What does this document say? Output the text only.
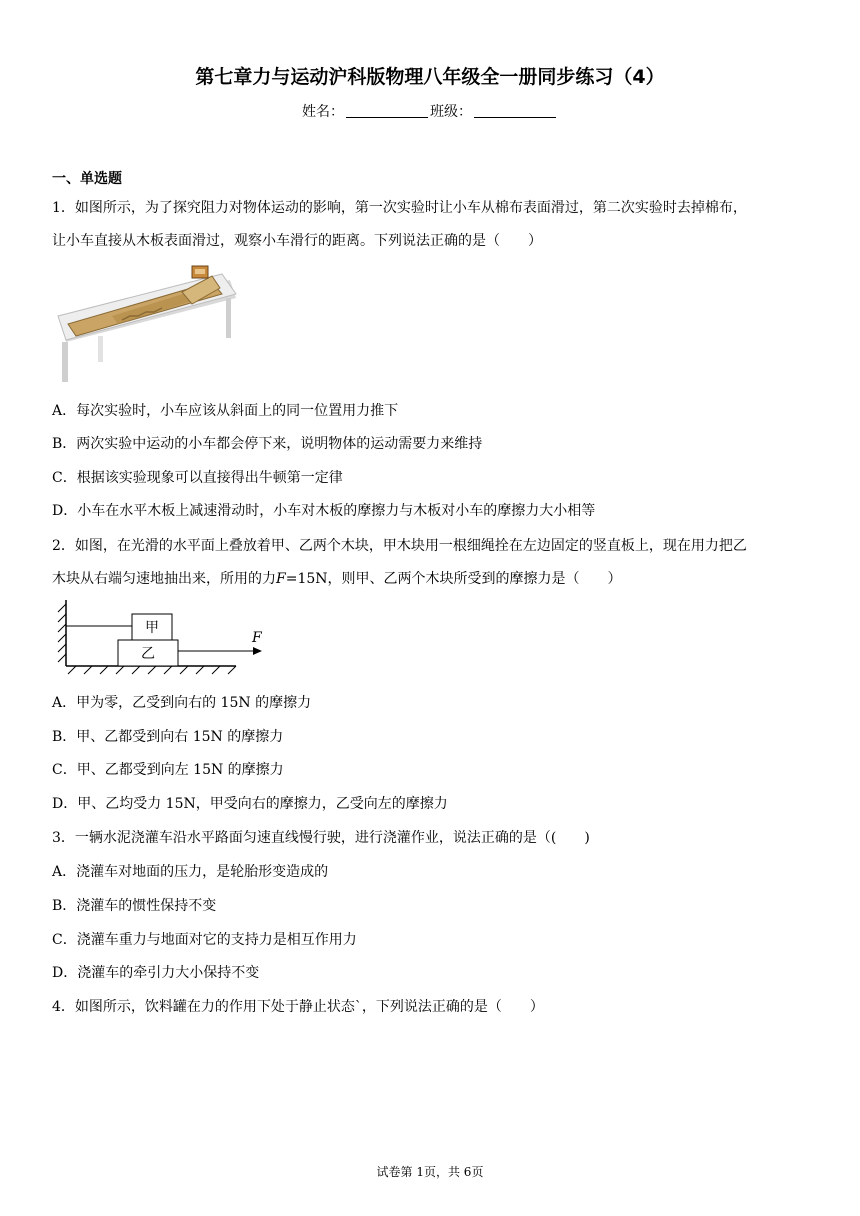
第七章力与运动沪科版物理八年级全一册同步练习（4）
姓名：	班级：
一、单选题
1．如图所示，为了探究阻力对物体运动的影响，第一次实验时让小车从棉布表面滑过，第二次实验时去掉棉布，
让小车直接从木板表面滑过，观察小车滑行的距离。下列说法正确的是（　　）
A．每次实验时，小车应该从斜面上的同一位置用力推下
B．两次实验中运动的小车都会停下来，说明物体的运动需要力来维持
C．根据该实验现象可以直接得出牛顿第一定律
D．小车在水平木板上减速滑动时，小车对木板的摩擦力与木板对小车的摩擦力大小相等
2．如图，在光滑的水平面上叠放着甲、乙两个木块，甲木块用一根细绳拴在左边固定的竖直板上，现在用力把乙
木块从右端匀速地抽出来，所用的力F=15N，则甲、乙两个木块所受到的摩擦力是（　　）
甲
乙
F
A．甲为零，乙受到向右的 15N 的摩擦力
B．甲、乙都受到向右 15N 的摩擦力
C．甲、乙都受到向左 15N 的摩擦力
D．甲、乙均受力 15N，甲受向右的摩擦力，乙受向左的摩擦力
3．一辆水泥浇灌车沿水平路面匀速直线慢行驶，进行浇灌作业，说法正确的是（(　　)
A．浇灌车对地面的压力，是轮胎形变造成的
B．浇灌车的惯性保持不变
C．浇灌车重力与地面对它的支持力是相互作用力
D．浇灌车的牵引力大小保持不变
4．如图所示，饮料罐在力的作用下处于静止状态`，下列说法正确的是（　　）
试卷第 1页，共 6页
